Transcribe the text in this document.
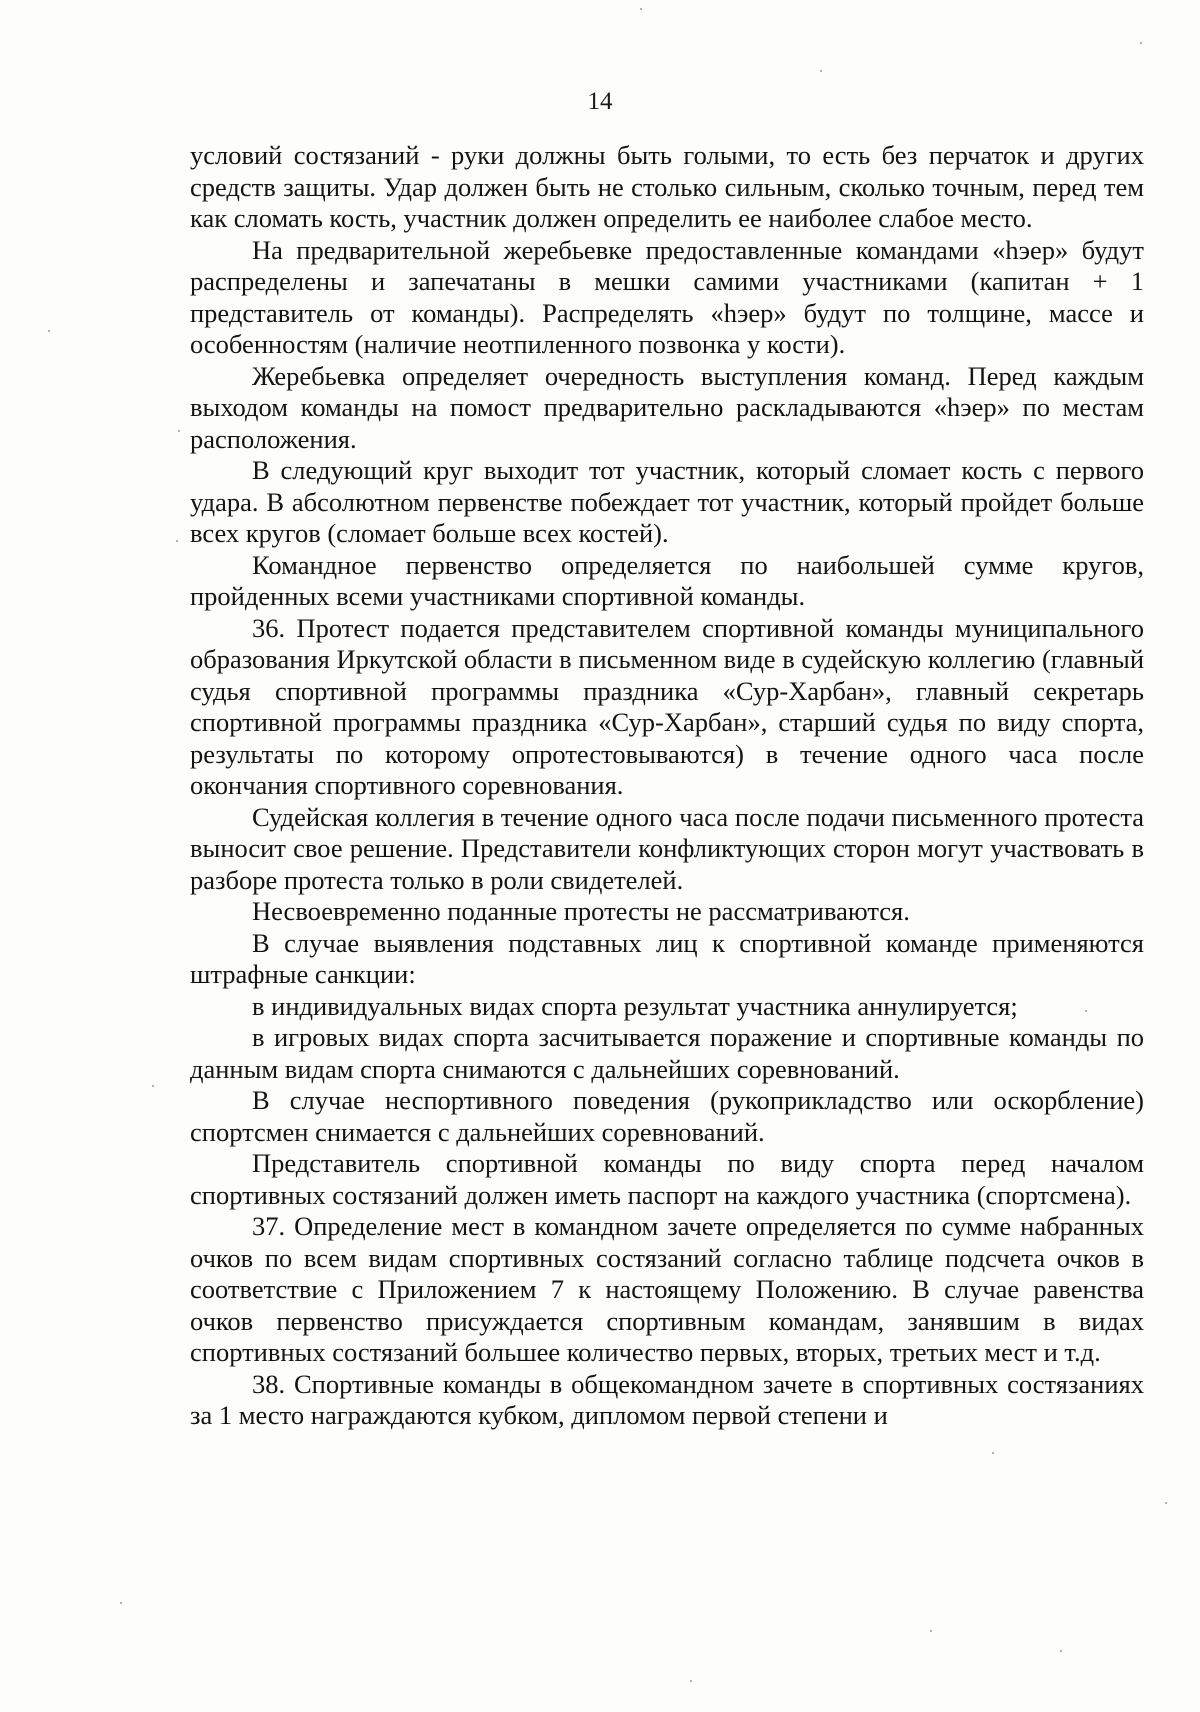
14

условий состязаний - руки должны быть голыми, то есть без перчаток и других средств защиты. Удар должен быть не столько сильным, сколько точным, перед тем как сломать кость, участник должен определить ее наиболее слабое место.

На предварительной жеребьевке предоставленные командами «hэер» будут распределены и запечатаны в мешки самими участниками (капитан + 1 представитель от команды). Распределять «hэер» будут по толщине, массе и особенностям (наличие неотпиленного позвонка у кости).

Жеребьевка определяет очередность выступления команд. Перед каждым выходом команды на помост предварительно раскладываются «hэер» по местам расположения.

В следующий круг выходит тот участник, который сломает кость с первого удара. В абсолютном первенстве побеждает тот участник, который пройдет больше всех кругов (сломает больше всех костей).

Командное первенство определяется по наибольшей сумме кругов, пройденных всеми участниками спортивной команды.

36. Протест подается представителем спортивной команды муниципального образования Иркутской области в письменном виде в судейскую коллегию (главный судья спортивной программы праздника «Сур-Харбан», главный секретарь спортивной программы праздника «Сур-Харбан», старший судья по виду спорта, результаты по которому опротестовываются) в течение одного часа после окончания спортивного соревнования.

Судейская коллегия в течение одного часа после подачи письменного протеста выносит свое решение. Представители конфликтующих сторон могут участвовать в разборе протеста только в роли свидетелей.

Несвоевременно поданные протесты не рассматриваются.

В случае выявления подставных лиц к спортивной команде применяются штрафные санкции:

в индивидуальных видах спорта результат участника аннулируется;

в игровых видах спорта засчитывается поражение и спортивные команды по данным видам спорта снимаются с дальнейших соревнований.

В случае неспортивного поведения (рукоприкладство или оскорбление) спортсмен снимается с дальнейших соревнований.

Представитель спортивной команды по виду спорта перед началом спортивных состязаний должен иметь паспорт на каждого участника (спортсмена).

37. Определение мест в командном зачете определяется по сумме набранных очков по всем видам спортивных состязаний согласно таблице подсчета очков в соответствие с Приложением 7 к настоящему Положению. В случае равенства очков первенство присуждается спортивным командам, занявшим в видах спортивных состязаний большее количество первых, вторых, третьих мест и т.д.

38. Спортивные команды в общекомандном зачете в спортивных состязаниях за 1 место награждаются кубком, дипломом первой степени и
